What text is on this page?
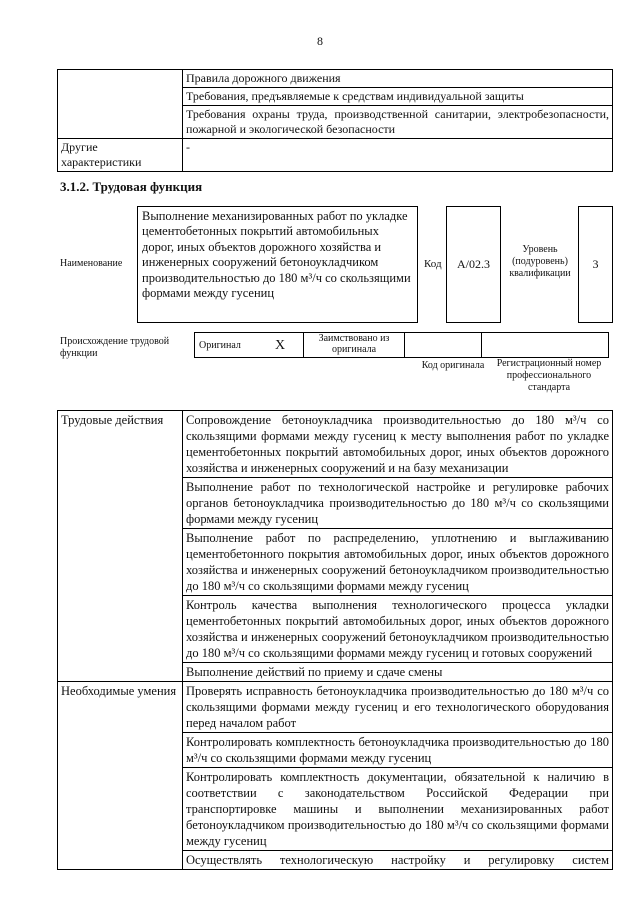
8
	Правила дорожного движения
	Требования, предъявляемые к средствам индивидуальной защиты
	Требования охраны труда, производственной санитарии, электробезопасности, пожарной и экологической безопасности
Другие характеристики	-
3.1.2. Трудовая функция
Наименование
Выполнение механизированных работ по укладке цементобетонных покрытий автомобильных дорог, иных объектов дорожного хозяйства и инженерных сооружений бетоноукладчиком производительностью до 180 м³/ч со скользящими формами между гусениц
Код	A/02.3
Уровень (подуровень) квалификации
3
Происхождение трудовой функции
Оригинал	X	Заимствовано из оригинала		
Код оригинала	Регистрационный номер профессионального стандарта
Трудовые действия	Сопровождение бетоноукладчика производительностью до 180 м³/ч со скользящими формами между гусениц к месту выполнения работ по укладке цементобетонных покрытий автомобильных дорог, иных объектов дорожного хозяйства и инженерных сооружений и на базу механизации
	Выполнение работ по технологической настройке и регулировке рабочих органов бетоноукладчика производительностью до 180 м³/ч со скользящими формами между гусениц
	Выполнение работ по распределению, уплотнению и выглаживанию цементобетонного покрытия автомобильных дорог, иных объектов дорожного хозяйства и инженерных сооружений бетоноукладчиком производительностью до 180 м³/ч со скользящими формами между гусениц
	Контроль качества выполнения технологического процесса укладки цементобетонных покрытий автомобильных дорог, иных объектов дорожного хозяйства и инженерных сооружений бетоноукладчиком производительностью до 180 м³/ч со скользящими формами между гусениц и готовых сооружений
	Выполнение действий по приему и сдаче смены
Необходимые умения	Проверять исправность бетоноукладчика производительностью до 180 м³/ч со скользящими формами между гусениц и его технологического оборудования перед началом работ
	Контролировать комплектность бетоноукладчика производительностью до 180 м³/ч со скользящими формами между гусениц
	Контролировать комплектность документации, обязательной к наличию в соответствии с законодательством Российской Федерации при транспортировке машины и выполнении механизированных работ бетоноукладчиком производительностью до 180 м³/ч со скользящими формами между гусениц
	Осуществлять технологическую настройку и регулировку систем
